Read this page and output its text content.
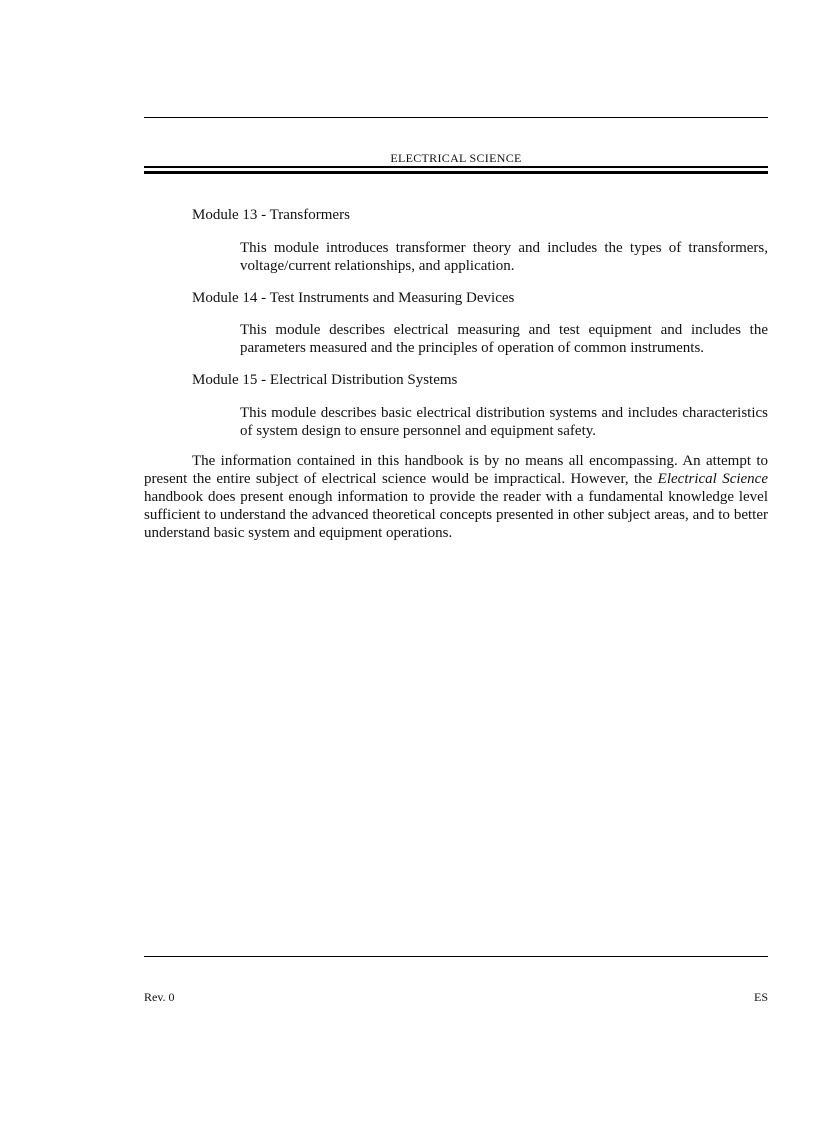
ELECTRICAL SCIENCE
Module 13 - Transformers
This module introduces transformer theory and includes the types of transformers, voltage/current relationships, and application.
Module 14 - Test Instruments and Measuring Devices
This module describes electrical measuring and test equipment and includes the parameters measured and the principles of operation of common instruments.
Module 15 - Electrical Distribution Systems
This module describes basic electrical distribution systems and includes characteristics of system design to ensure personnel and equipment safety.
The information contained in this handbook is by no means all encompassing. An attempt to present the entire subject of electrical science would be impractical. However, the Electrical Science handbook does present enough information to provide the reader with a fundamental knowledge level sufficient to understand the advanced theoretical concepts presented in other subject areas, and to better understand basic system and equipment operations.
Rev. 0	ES
